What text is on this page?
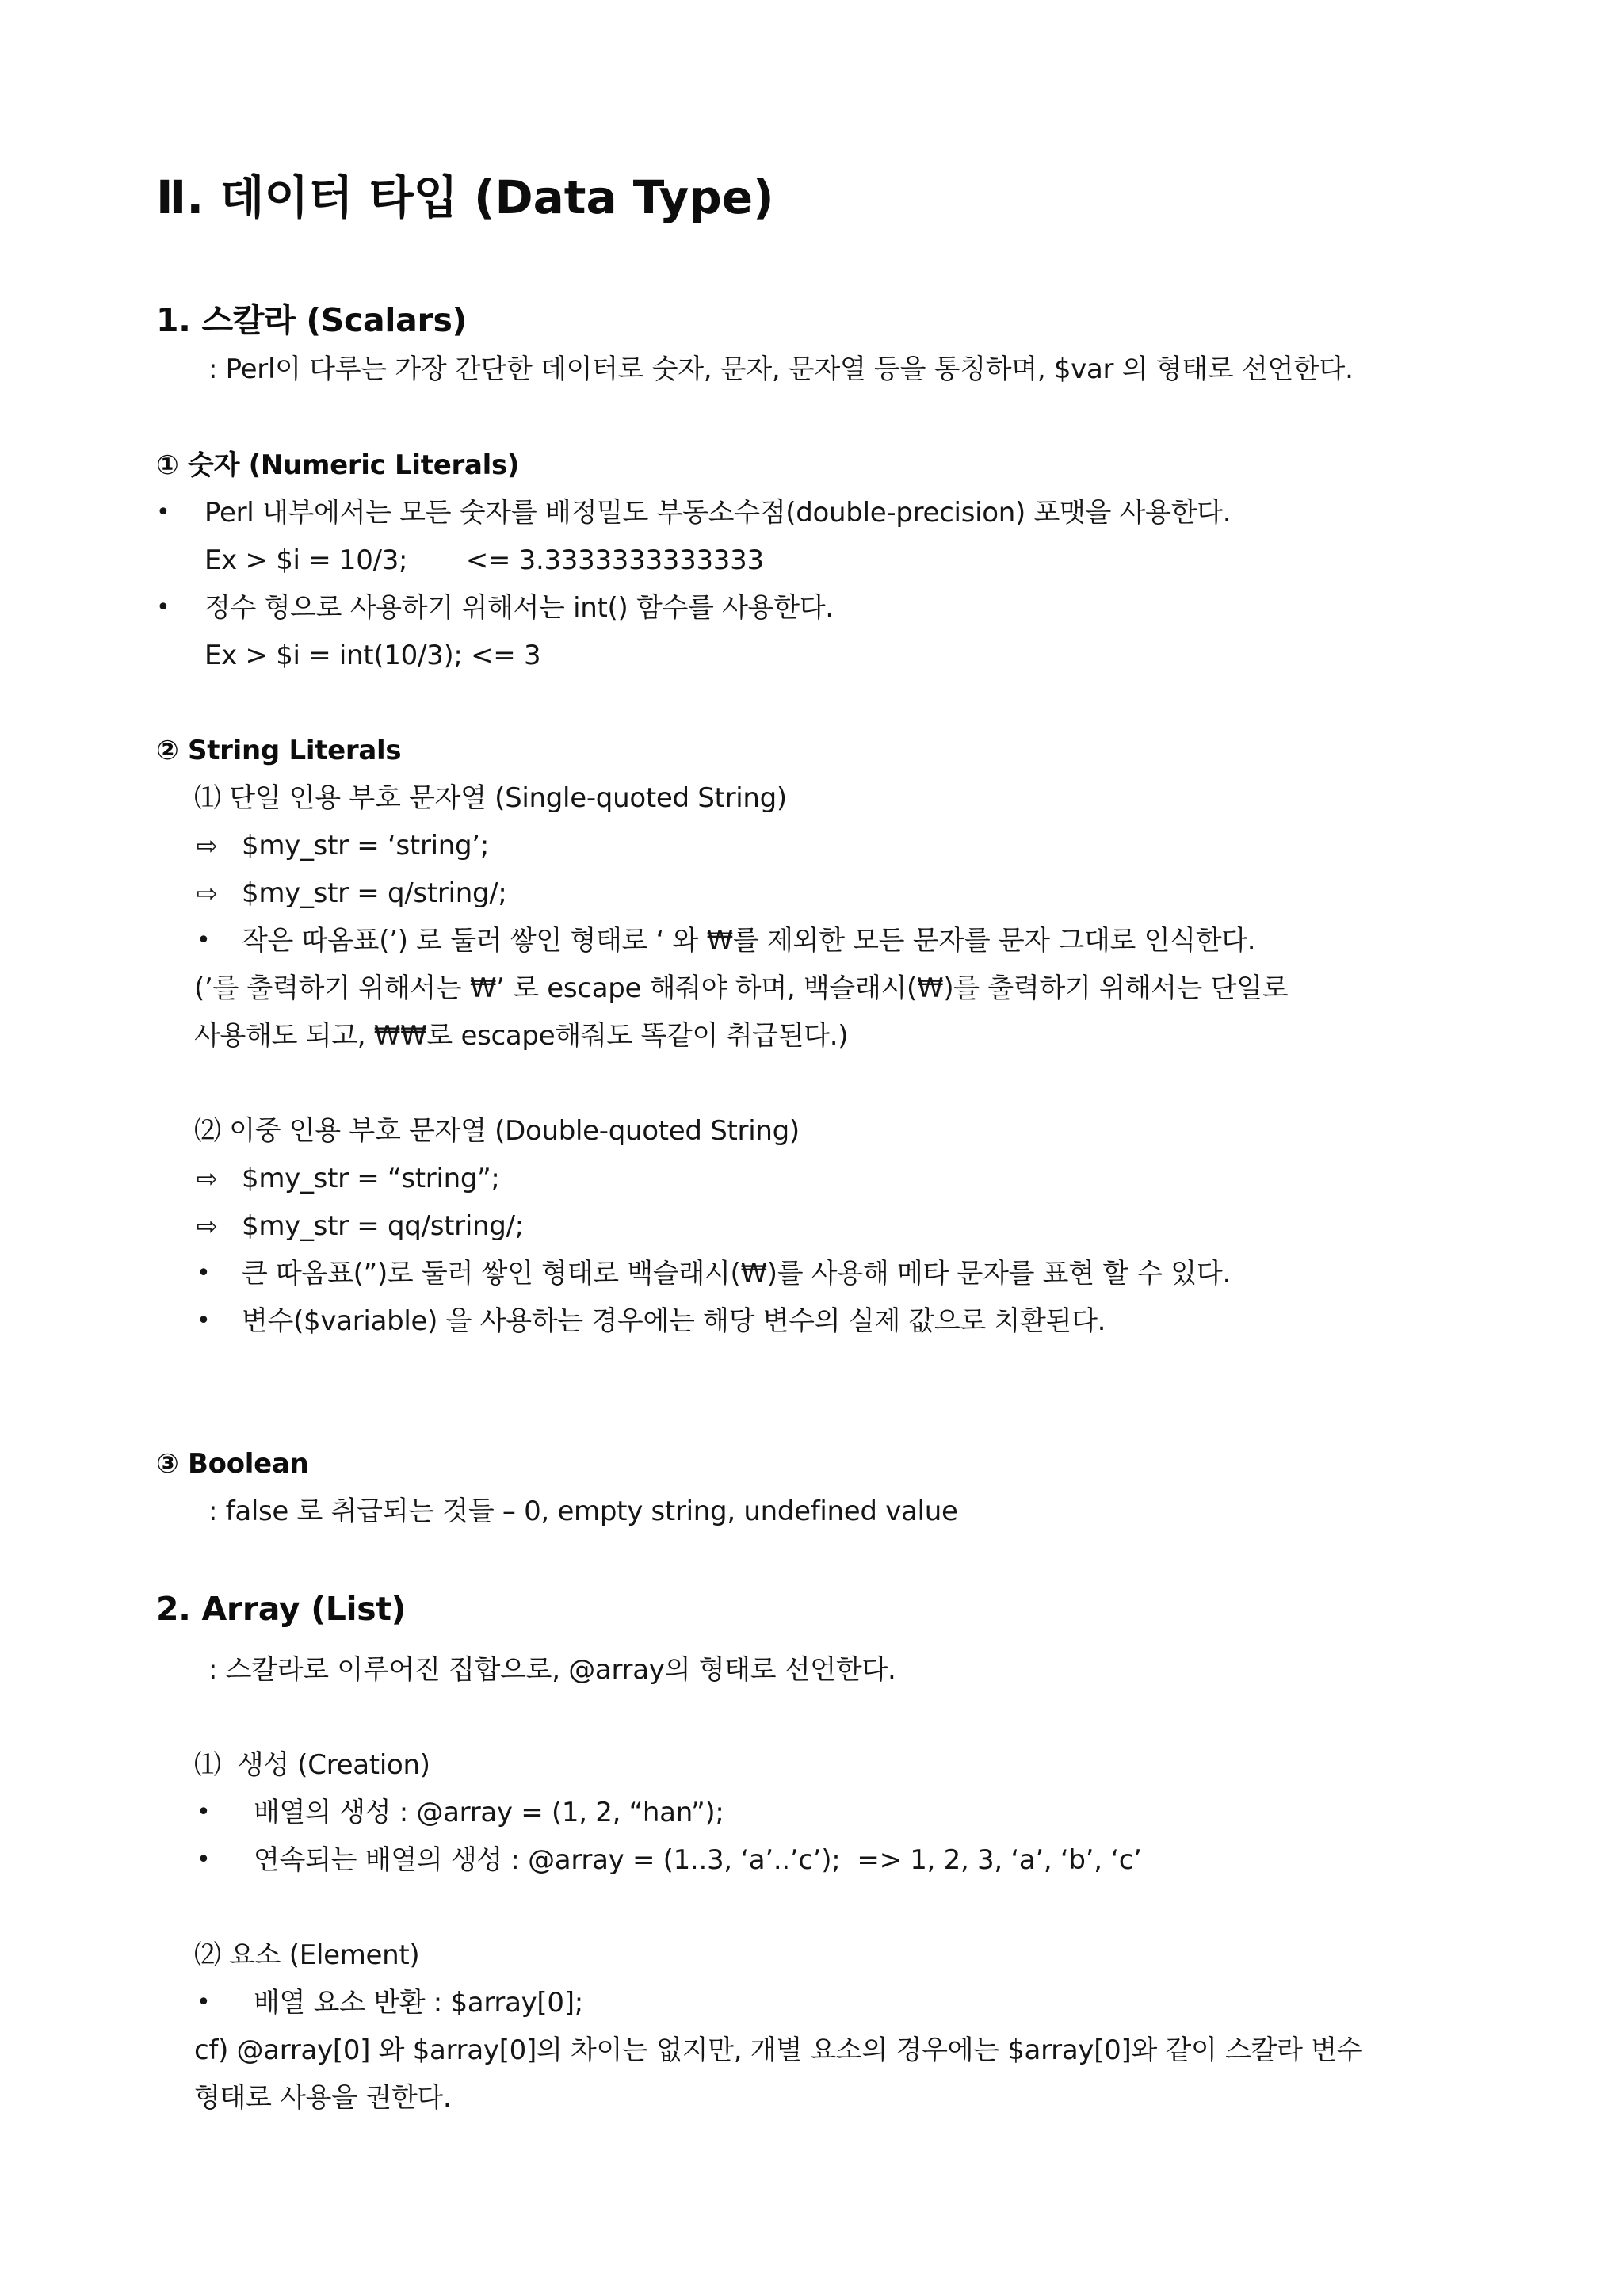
Ⅱ. 데이터 타입 (Data Type)
1. 스칼라 (Scalars)
: Perl이 다루는 가장 간단한 데이터로 숫자, 문자, 문자열 등을 통칭하며, $var 의 형태로 선언한다.
① 숫자 (Numeric Literals)
• Perl 내부에서는 모든 숫자를 배정밀도 부동소수점(double-precision) 포맷을 사용한다.
Ex > $i = 10/3;       <= 3.3333333333333
• 정수 형으로 사용하기 위해서는 int() 함수를 사용한다.
Ex > $i = int(10/3); <= 3
② String Literals
⑴ 단일 인용 부호 문자열 (Single-quoted String)
⇨ $my_str = ‘string’;
⇨ $my_str = q/string/;
• 작은 따옴표(’) 로 둘러 쌓인 형태로 ‘ 와 ₩를 제외한 모든 문자를 문자 그대로 인식한다.
(’를 출력하기 위해서는 ₩’ 로 escape 해줘야 하며, 백슬래시(₩)를 출력하기 위해서는 단일로
사용해도 되고, ₩₩로 escape해줘도 똑같이 취급된다.)
⑵ 이중 인용 부호 문자열 (Double-quoted String)
⇨ $my_str = “string”;
⇨ $my_str = qq/string/;
• 큰 따옴표(”)로 둘러 쌓인 형태로 백슬래시(₩)를 사용해 메타 문자를 표현 할 수 있다.
• 변수($variable) 을 사용하는 경우에는 해당 변수의 실제 값으로 치환된다.
③ Boolean
: false 로 취급되는 것들 – 0, empty string, undefined value
2. Array (List)
: 스칼라로 이루어진 집합으로, @array의 형태로 선언한다.
⑴  생성 (Creation)
• 배열의 생성 : @array = (1, 2, “han”);
• 연속되는 배열의 생성 : @array = (1..3, ‘a’..’c’);  => 1, 2, 3, ‘a’, ‘b’, ‘c’
⑵ 요소 (Element)
• 배열 요소 반환 : $array[0];
cf) @array[0] 와 $array[0]의 차이는 없지만, 개별 요소의 경우에는 $array[0]와 같이 스칼라 변수
형태로 사용을 권한다.
